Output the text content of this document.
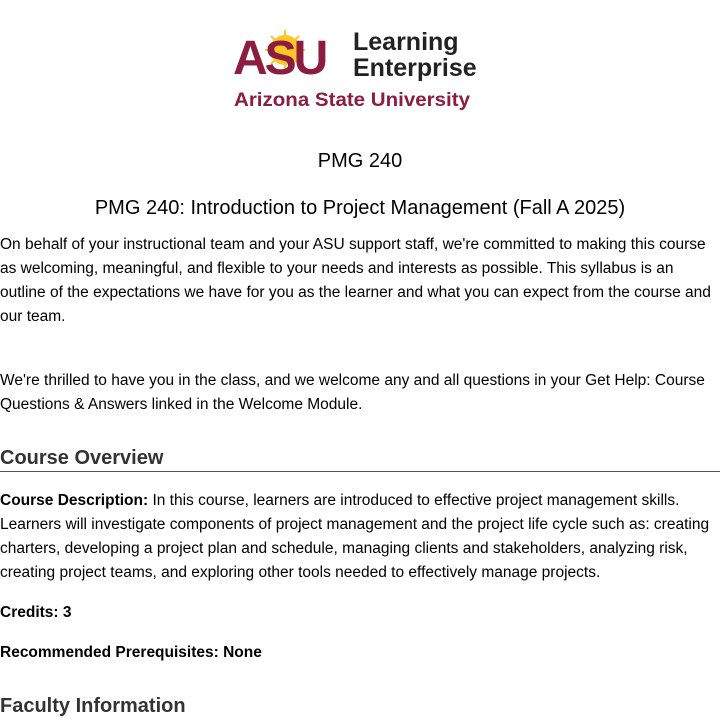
ASU Learning
Enterprise
Arizona State University
PMG 240
PMG 240: Introduction to Project Management (Fall A 2025)

On behalf of your instructional team and your ASU support staff, we're committed to making this course as welcoming, meaningful, and flexible to your needs and interests as possible. This syllabus is an outline of the expectations we have for you as the learner and what you can expect from the course and our team.

We're thrilled to have you in the class, and we welcome any and all questions in your Get Help: Course Questions & Answers linked in the Welcome Module.

Course Overview

Course Description: In this course, learners are introduced to effective project management skills. Learners will investigate components of project management and the project life cycle such as: creating charters, developing a project plan and schedule, managing clients and stakeholders, analyzing risk, creating project teams, and exploring other tools needed to effectively manage projects.

Credits: 3

Recommended Prerequisites: None

Faculty Information
